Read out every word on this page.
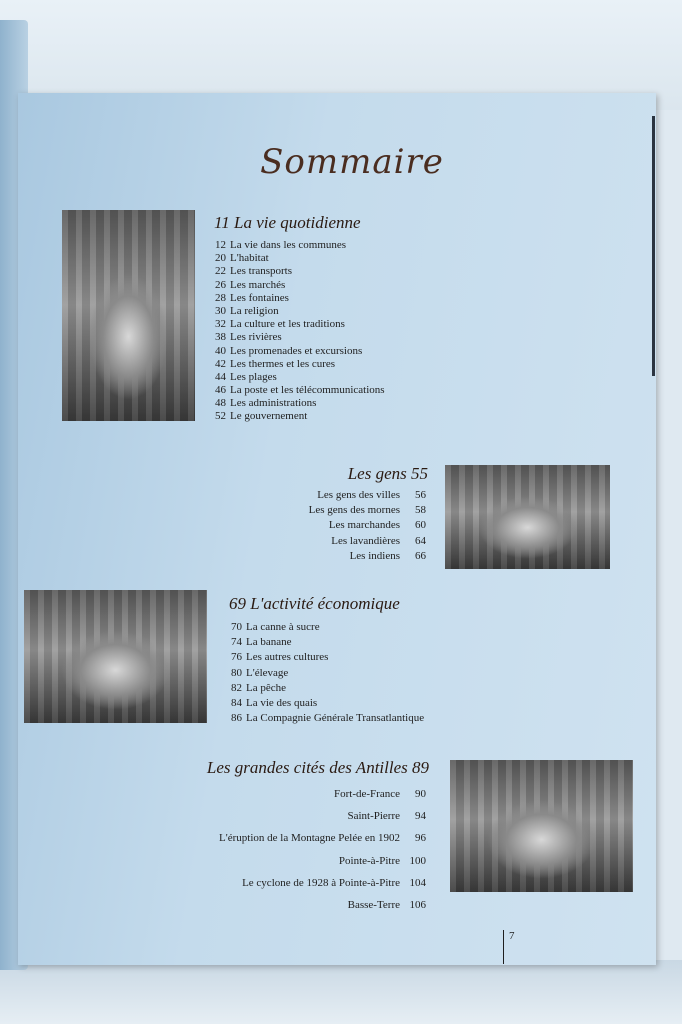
Sommaire
11 La vie quotidienne
12 La vie dans les communes
20 L'habitat
22 Les transports
26 Les marchés
28 Les fontaines
30 La religion
32 La culture et les traditions
38 Les rivières
40 Les promenades et excursions
42 Les thermes et les cures
44 Les plages
46 La poste et les télécommunications
48 Les administrations
52 Le gouvernement
Les gens 55
Les gens des villes 56
Les gens des mornes 58
Les marchandes 60
Les lavandières 64
Les indiens 66
69 L'activité économique
70 La canne à sucre
74 La banane
76 Les autres cultures
80 L'élevage
82 La pêche
84 La vie des quais
86 La Compagnie Générale Transatlantique
Les grandes cités des Antilles 89
Fort-de-France 90
Saint-Pierre 94
L'éruption de la Montagne Pelée en 1902 96
Pointe-à-Pitre 100
Le cyclone de 1928 à Pointe-à-Pitre 104
Basse-Terre 106
7
